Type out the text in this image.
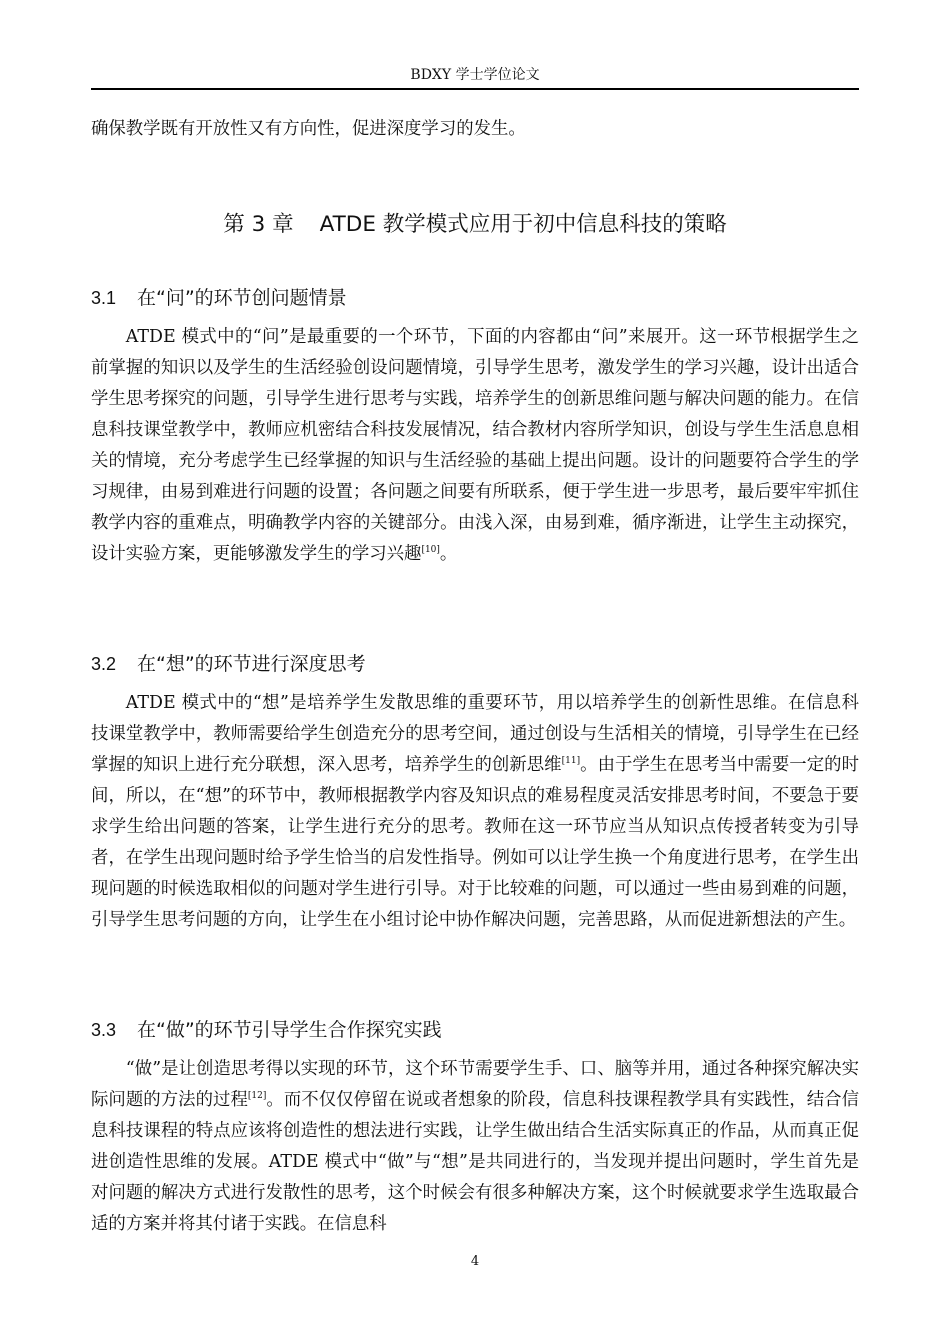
BDXY 学士学位论文

确保教学既有开放性又有方向性，促进深度学习的发生。

第 3 章 ATDE 教学模式应用于初中信息科技的策略
3.1 在“问”的环节创问题情景

ATDE 模式中的“问”是最重要的一个环节，下面的内容都由“问”来展开。这一环节根据学生之前掌握的知识以及学生的生活经验创设问题情境，引导学生思考，激发学生的学习兴趣，设计出适合学生思考探究的问题，引导学生进行思考与实践，培养学生的创新思维问题与解决问题的能力。在信息科技课堂教学中，教师应机密结合科技发展情况，结合教材内容所学知识，创设与学生生活息息相关的情境，充分考虑学生已经掌握的知识与生活经验的基础上提出问题。设计的问题要符合学生的学习规律，由易到难进行问题的设置；各问题之间要有所联系，便于学生进一步思考，最后要牢牢抓住教学内容的重难点，明确教学内容的关键部分。由浅入深，由易到难，循序渐进，让学生主动探究，设计实验方案，更能够激发学生的学习兴趣[10]。

3.2 在“想”的环节进行深度思考

ATDE 模式中的“想”是培养学生发散思维的重要环节，用以培养学生的创新性思维。在信息科技课堂教学中，教师需要给学生创造充分的思考空间，通过创设与生活相关的情境，引导学生在已经掌握的知识上进行充分联想，深入思考，培养学生的创新思维[11]。由于学生在思考当中需要一定的时间，所以，在“想”的环节中，教师根据教学内容及知识点的难易程度灵活安排思考时间，不要急于要求学生给出问题的答案，让学生进行充分的思考。教师在这一环节应当从知识点传授者转变为引导者，在学生出现问题时给予学生恰当的启发性指导。例如可以让学生换一个角度进行思考，在学生出现问题的时候选取相似的问题对学生进行引导。对于比较难的问题，可以通过一些由易到难的问题，引导学生思考问题的方向，让学生在小组讨论中协作解决问题，完善思路，从而促进新想法的产生。

3.3 在“做”的环节引导学生合作探究实践

“做”是让创造思考得以实现的环节，这个环节需要学生手、口、脑等并用，通过各种探究解决实际问题的方法的过程[12]。而不仅仅停留在说或者想象的阶段，信息科技课程教学具有实践性，结合信息科技课程的特点应该将创造性的想法进行实践，让学生做出结合生活实际真正的作品，从而真正促进创造性思维的发展。ATDE 模式中“做”与“想”是共同进行的，当发现并提出问题时，学生首先是对问题的解决方式进行发散性的思考，这个时候会有很多种解决方案，这个时候就要求学生选取最合适的方案并将其付诸于实践。在信息科

4
